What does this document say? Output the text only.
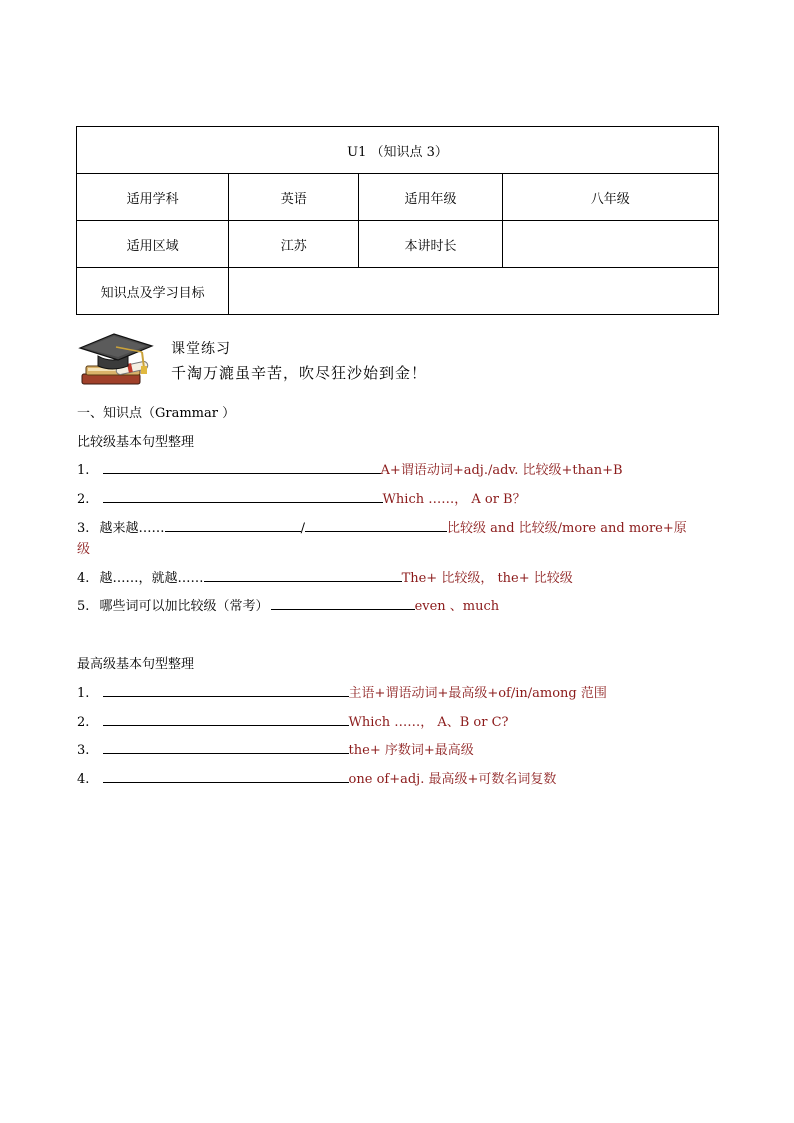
U1 （知识点 3）			
适用学科	英语	适用年级	八年级
适用区域	江苏	本讲时长	
知识点及学习目标			
课堂练习
千淘万漉虽辛苦，吹尽狂沙始到金！
一、知识点（Grammar ）
比较级基本句型整理
1.	A+谓语动词+adj./adv. 比较级+than+B
2.	Which ……， A or B？
3. 越来越……	/	比较级 and 比较级/more and more+原
级
4. 越……，就越……	The+ 比较级， the+ 比较级
5. 哪些词可以加比较级（常考）	even 、much
最高级基本句型整理
1.	主语+谓语动词+最高级+of/in/among 范围
2.	Which ……， A、B or C?
3.	the+ 序数词+最高级
4.	one of+adj. 最高级+可数名词复数
